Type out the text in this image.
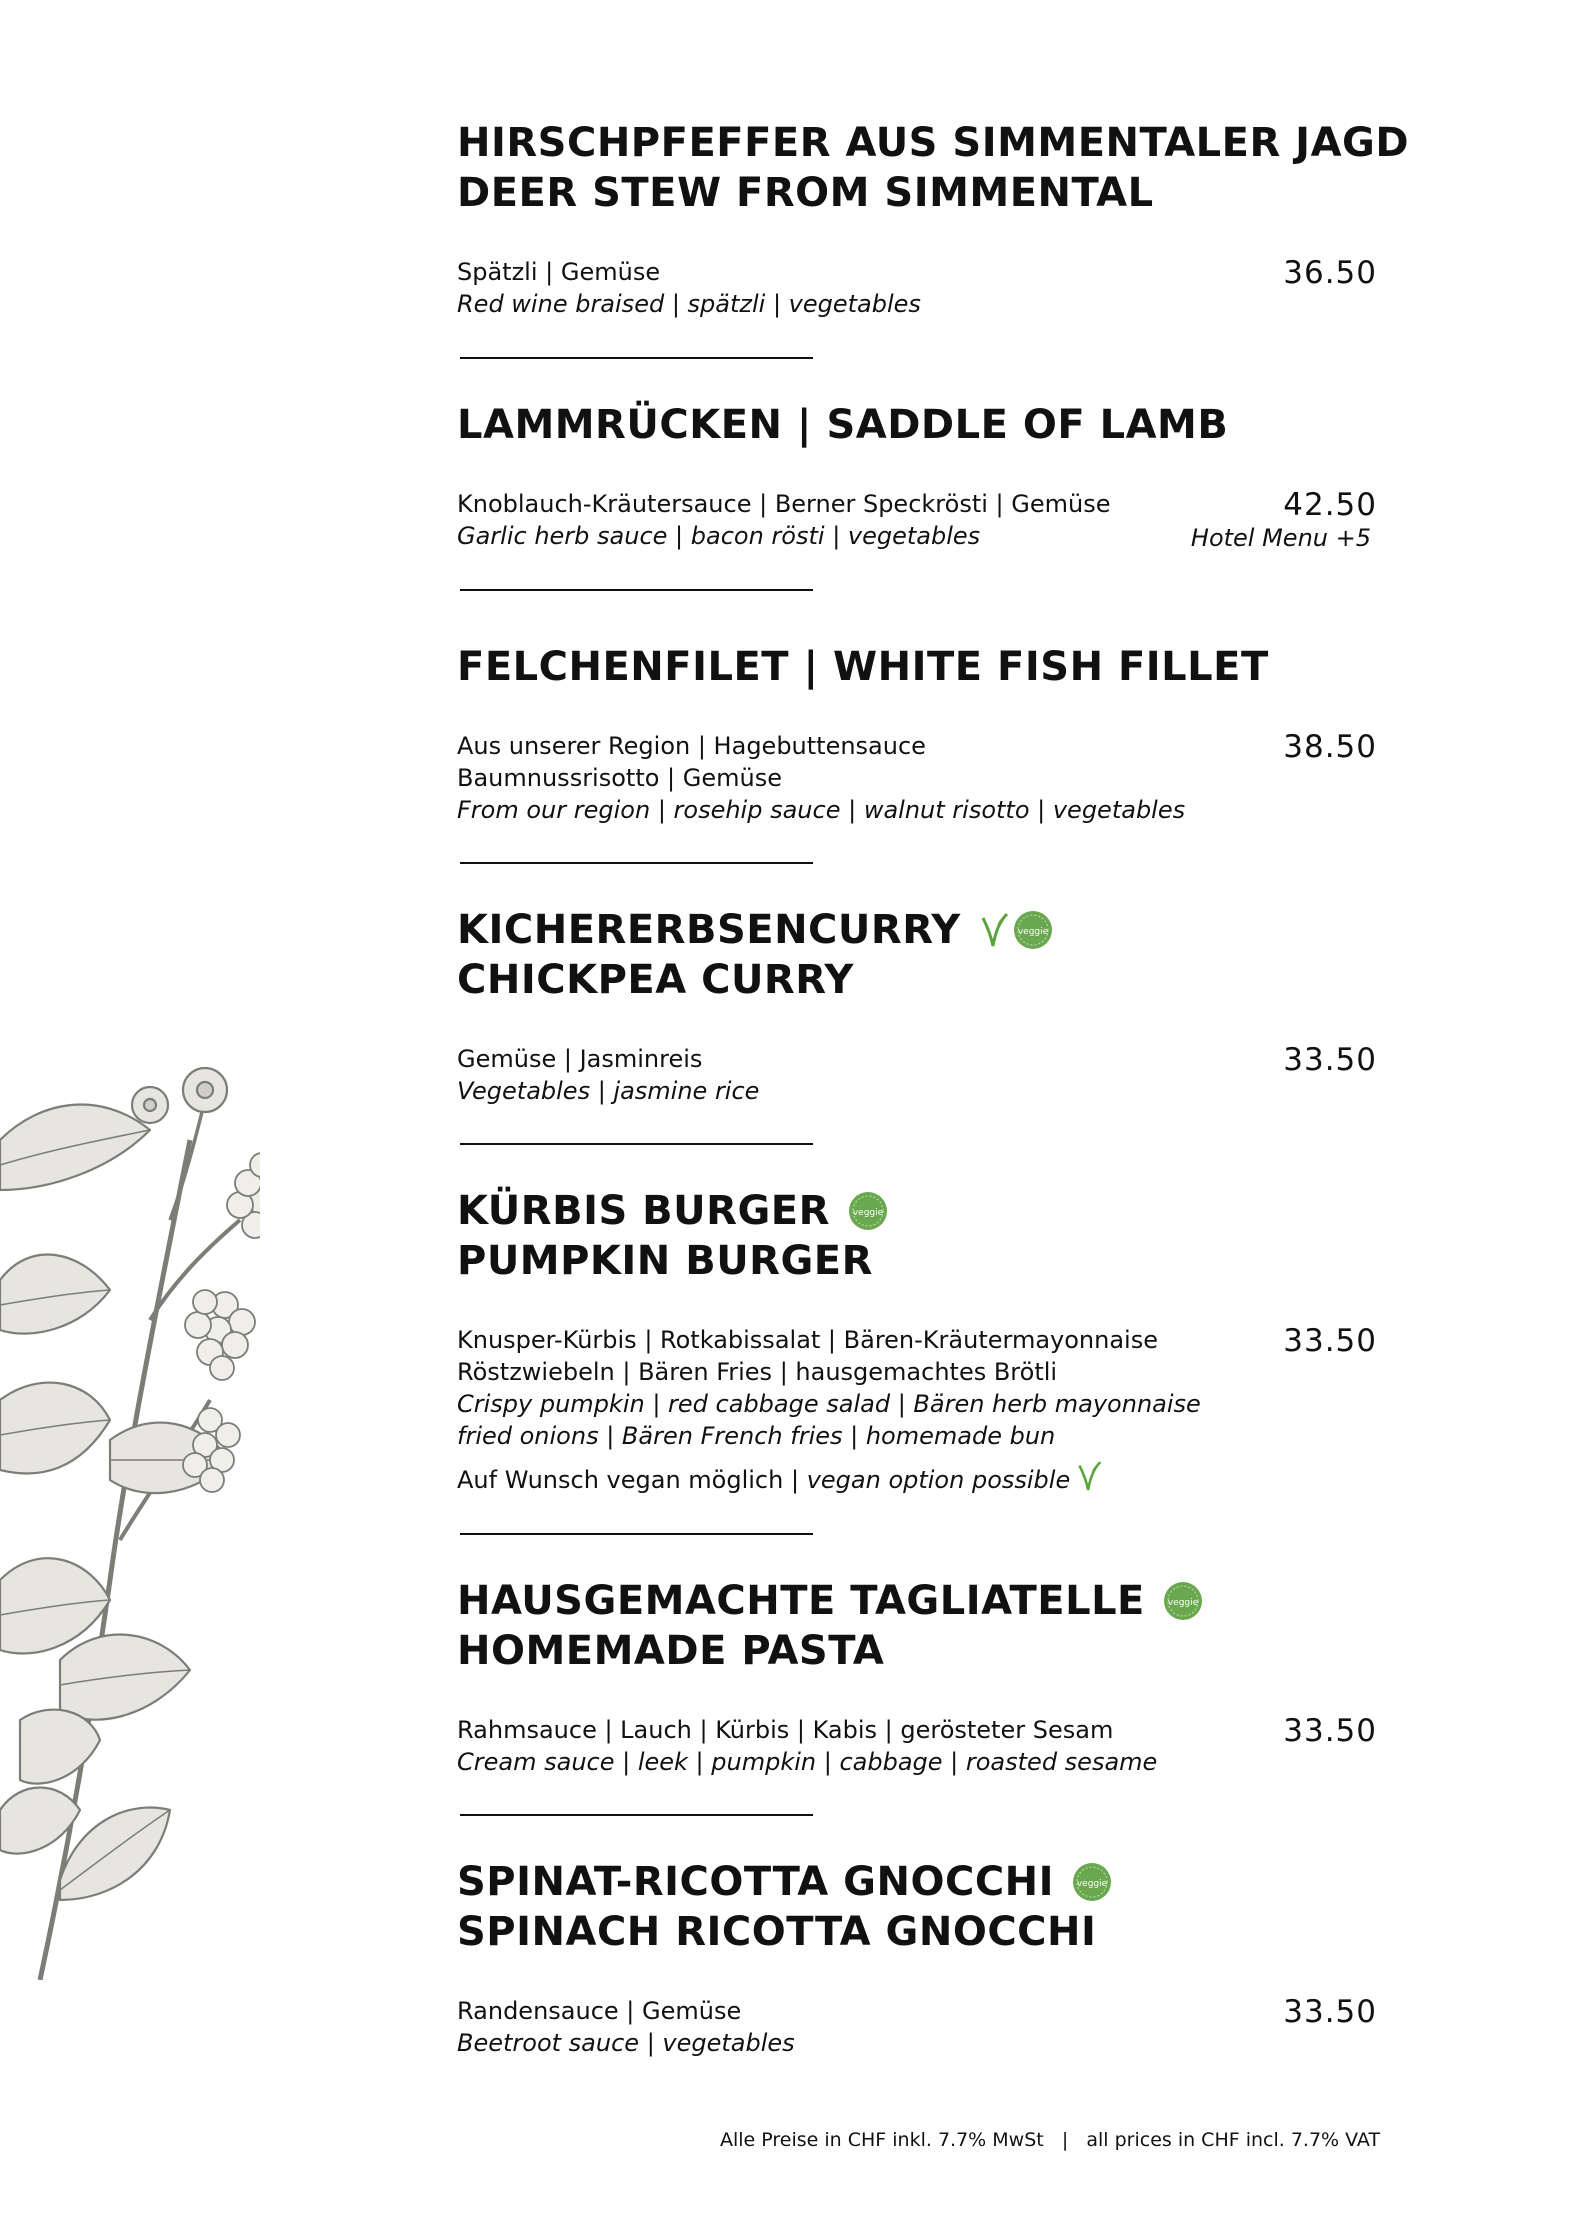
HIRSCHPFEFFER AUS SIMMENTALER JAGD
DEER STEW FROM SIMMENTAL
Spätzli | Gemüse
Red wine braised | spätzli | vegetables
36.50
LAMMRÜCKEN | SADDLE OF LAMB
Knoblauch-Kräutersauce | Berner Speckrösti | Gemüse
Garlic herb sauce | bacon rösti | vegetables
42.50
Hotel Menu +5
FELCHENFILET | WHITE FISH FILLET
Aus unserer Region | Hagebuttensauce
Baumnussrisotto | Gemüse
From our region | rosehip sauce | walnut risotto | vegetables
38.50
KICHERERBSENCURRY	veggie
CHICKPEA CURRY
Gemüse | Jasminreis
Vegetables | jasmine rice
33.50
KÜRBIS BURGER	veggie
PUMPKIN BURGER
Knusper-Kürbis | Rotkabissalat | Bären-Kräutermayonnaise
Röstzwiebeln | Bären Fries | hausgemachtes Brötli
Crispy pumpkin | red cabbage salad | Bären herb mayonnaise
fried onions | Bären French fries | homemade bun
Auf Wunsch vegan möglich | vegan option possible
33.50
HAUSGEMACHTE TAGLIATELLE	veggie
HOMEMADE PASTA
Rahmsauce | Lauch | Kürbis | Kabis | gerösteter Sesam
Cream sauce | leek | pumpkin | cabbage | roasted sesame
33.50
SPINAT-RICOTTA GNOCCHI	veggie
SPINACH RICOTTA GNOCCHI
Randensauce | Gemüse
Beetroot sauce | vegetables
33.50
Alle Preise in CHF inkl. 7.7% MwSt   |   all prices in CHF incl. 7.7% VAT
